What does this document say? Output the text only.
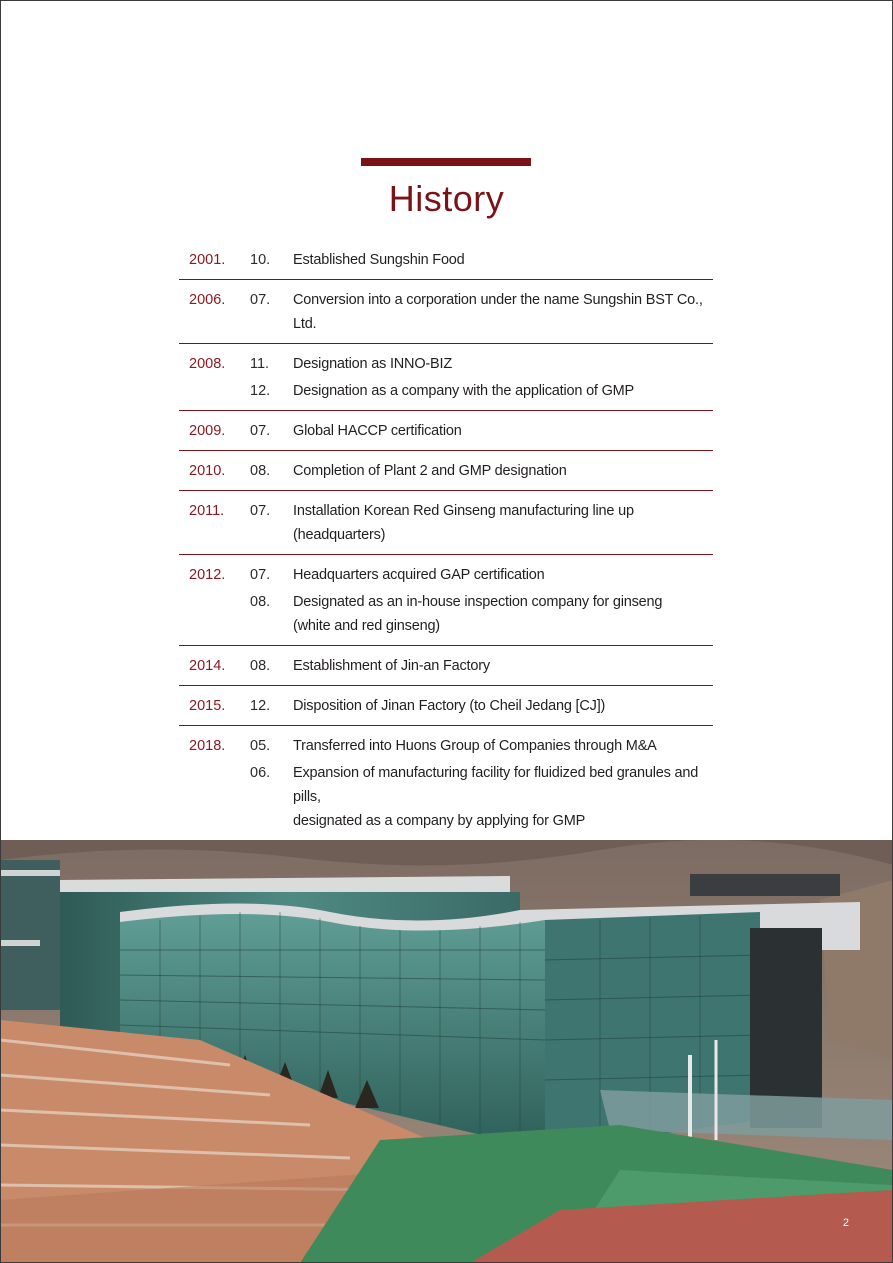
History
2001.	10.	Established Sungshin Food
2006.	07.	Conversion into a corporation under the name Sungshin BST Co., Ltd.
2008.	11.	Designation as INNO-BIZ
12.	Designation as a company with the application of GMP
2009.	07.	Global HACCP certification
2010.	08.	Completion of Plant 2 and GMP designation
2011.	07.	Installation Korean Red Ginseng manufacturing line up (headquarters)
2012.	07.	Headquarters acquired GAP certification
08.	Designated as an in-house inspection company for ginseng
(white and red ginseng)
2014.	08.	Establishment of Jin-an Factory
2015.	12.	Disposition of Jinan Factory (to Cheil Jedang [CJ])
2018.	05.	Transferred into Huons Group of Companies through M&A
06.	Expansion of manufacturing facility for fluidized bed granules and pills,
designated as a company by applying for GMP
2
